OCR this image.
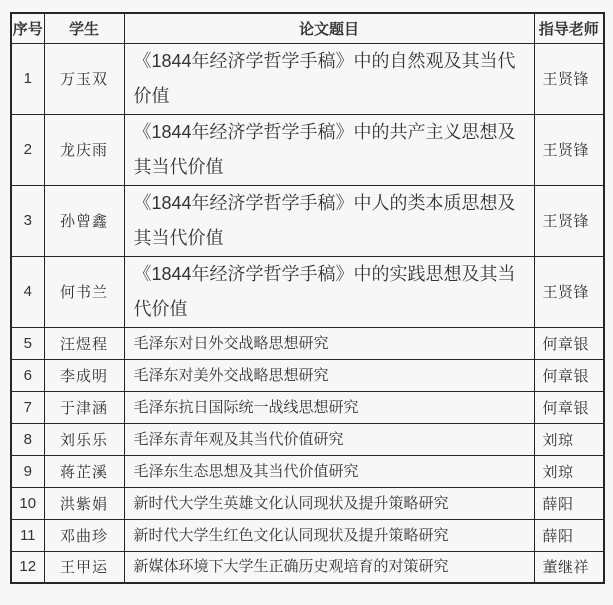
序号	学生	论文题目	指导老师
1	万玉双	《1844年经济学哲学手稿》中的自然观及其当代价值	王贤锋
2	龙庆雨	《1844年经济学哲学手稿》中的共产主义思想及其当代价值	王贤锋
3	孙曾鑫	《1844年经济学哲学手稿》中人的类本质思想及其当代价值	王贤锋
4	何书兰	《1844年经济学哲学手稿》中的实践思想及其当代价值	王贤锋
5	汪煜程	毛泽东对日外交战略思想研究	何章银
6	李成明	毛泽东对美外交战略思想研究	何章银
7	于津涵	毛泽东抗日国际统一战线思想研究	何章银
8	刘乐乐	毛泽东青年观及其当代价值研究	刘琼
9	蒋芷溪	毛泽东生态思想及其当代价值研究	刘琼
10	洪紫娟	新时代大学生英雄文化认同现状及提升策略研究	薛阳
11	邓曲珍	新时代大学生红色文化认同现状及提升策略研究	薛阳
12	王甲运	新媒体环境下大学生正确历史观培育的对策研究	董继祥
